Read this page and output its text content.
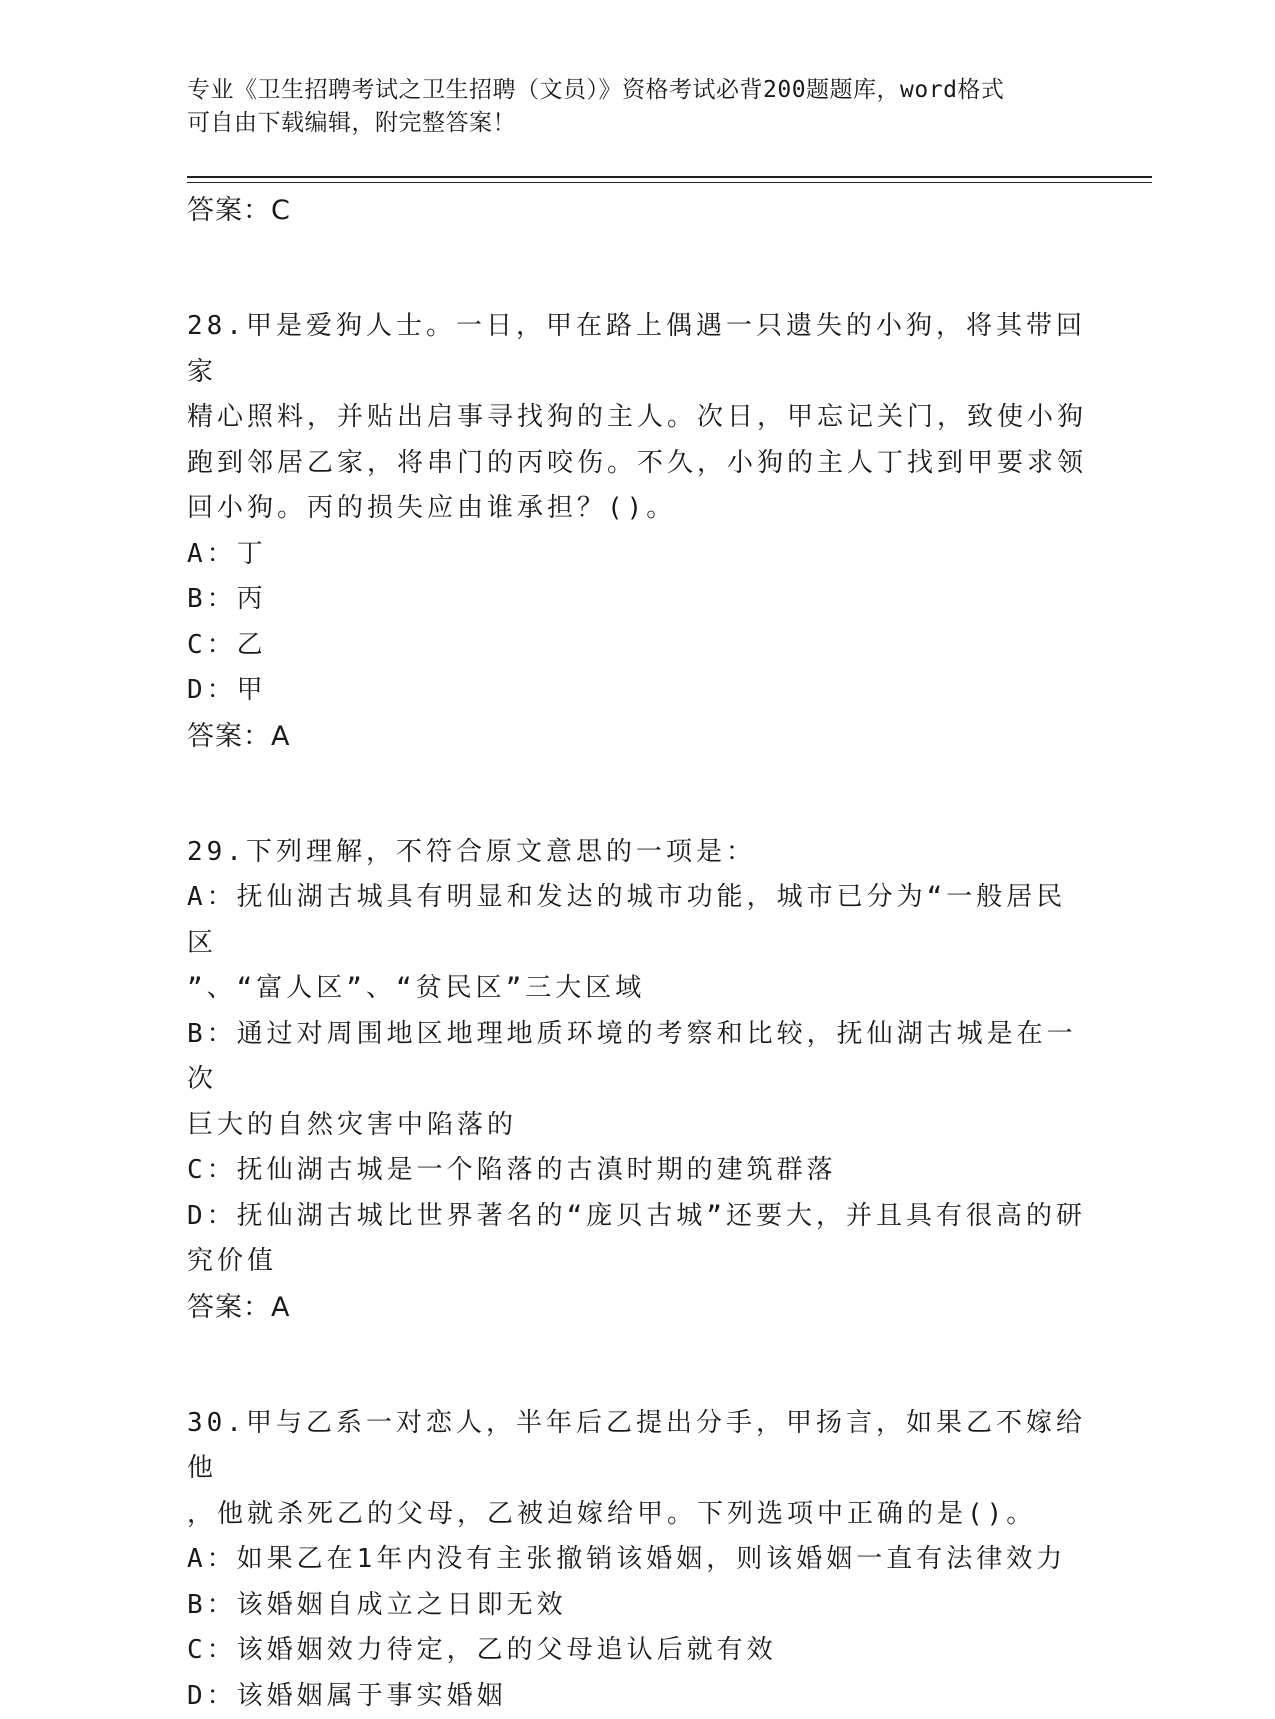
专业《卫生招聘考试之卫生招聘（文员）》资格考试必背200题题库，word格式
可自由下载编辑，附完整答案！
答案：C
28.甲是爱狗人士。一日，甲在路上偶遇一只遗失的小狗，将其带回家
精心照料，并贴出启事寻找狗的主人。次日，甲忘记关门，致使小狗
跑到邻居乙家，将串门的丙咬伤。不久，小狗的主人丁找到甲要求领
回小狗。丙的损失应由谁承担？()。
A：丁
B：丙
C：乙
D：甲
答案：A
29.下列理解，不符合原文意思的一项是：
A：抚仙湖古城具有明显和发达的城市功能，城市已分为“一般居民区
”、“富人区”、“贫民区”三大区域
B：通过对周围地区地理地质环境的考察和比较，抚仙湖古城是在一次
巨大的自然灾害中陷落的
C：抚仙湖古城是一个陷落的古滇时期的建筑群落
D：抚仙湖古城比世界著名的“庞贝古城”还要大，并且具有很高的研
究价值
答案：A
30.甲与乙系一对恋人，半年后乙提出分手，甲扬言，如果乙不嫁给他
，他就杀死乙的父母，乙被迫嫁给甲。下列选项中正确的是()。
A：如果乙在1年内没有主张撤销该婚姻，则该婚姻一直有法律效力
B：该婚姻自成立之日即无效
C：该婚姻效力待定，乙的父母追认后就有效
D：该婚姻属于事实婚姻
